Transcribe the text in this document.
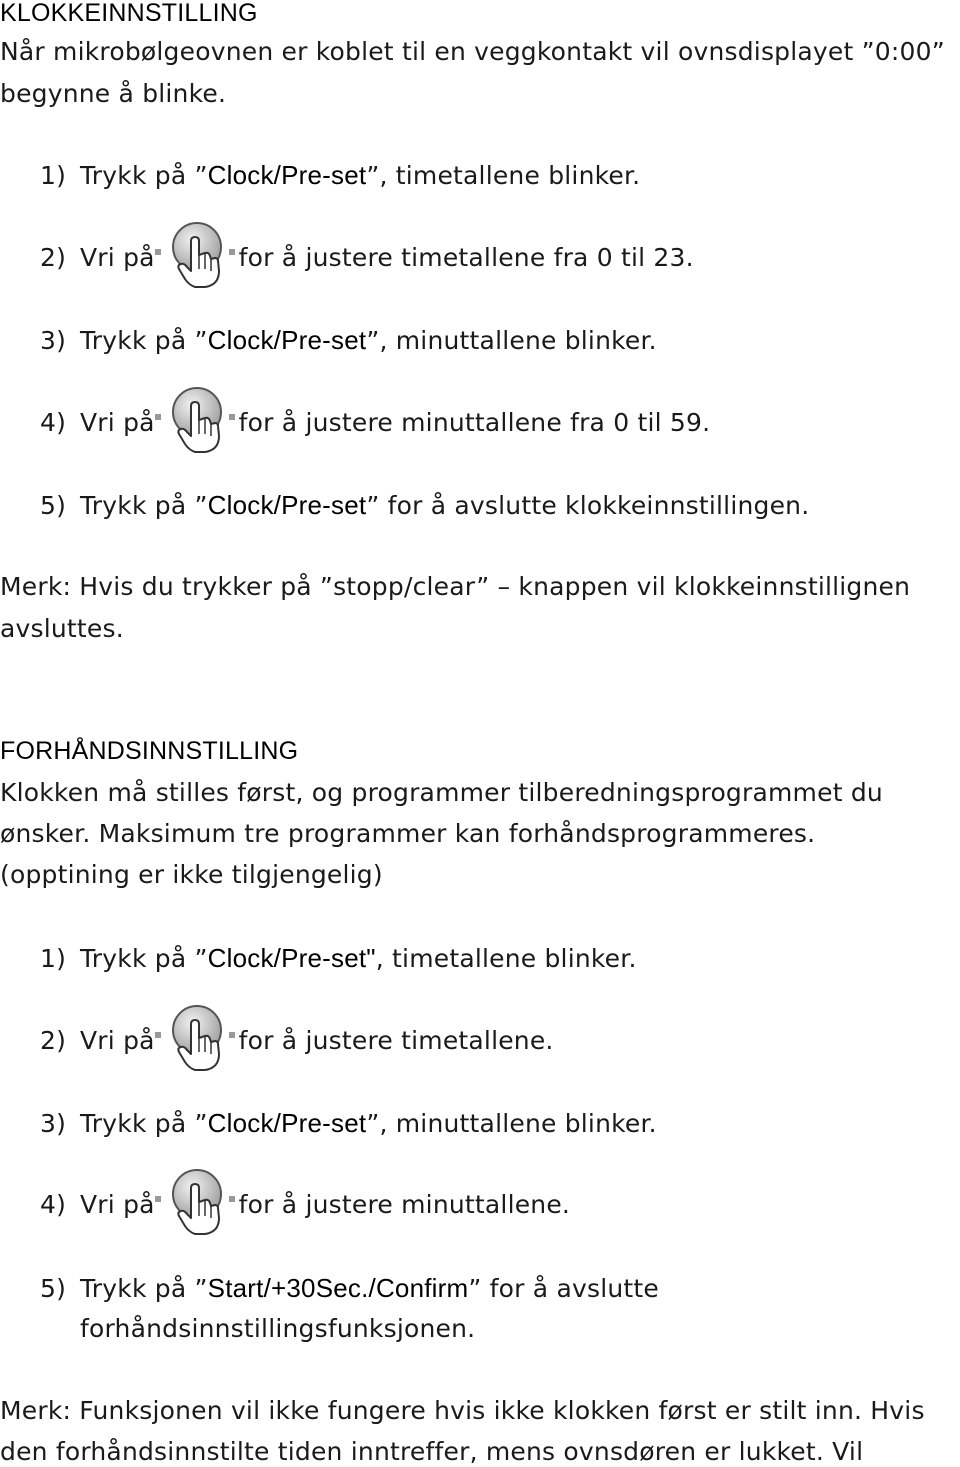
KLOKKEINNSTILLING
Når mikrobølgeovnen er koblet til en veggkontakt vil ovnsdisplayet ”0:00”
begynne å blinke.
1) Trykk på ”Clock/Pre-set”, timetallene blinker.
2) Vri på	for å justere timetallene fra 0 til 23.
3) Trykk på ”Clock/Pre-set”, minuttallene blinker.
4) Vri på	for å justere minuttallene fra 0 til 59.
5) Trykk på ”Clock/Pre-set” for å avslutte klokkeinnstillingen.
Merk: Hvis du trykker på ”stopp/clear” – knappen vil klokkeinnstillignen
avsluttes.
FORHÅNDSINNSTILLING
Klokken må stilles først, og programmer tilberedningsprogrammet du
ønsker. Maksimum tre programmer kan forhåndsprogrammeres.
(opptining er ikke tilgjengelig)
1) Trykk på ”Clock/Pre-set", timetallene blinker.
2) Vri på	for å justere timetallene.
3) Trykk på ”Clock/Pre-set”, minuttallene blinker.
4) Vri på	for å justere minuttallene.
5) Trykk på ”Start/+30Sec./Confirm” for å avslutte
forhåndsinnstillingsfunksjonen.
Merk: Funksjonen vil ikke fungere hvis ikke klokken først er stilt inn. Hvis
den forhåndsinnstilte tiden inntreffer, mens ovnsdøren er lukket. Vil
